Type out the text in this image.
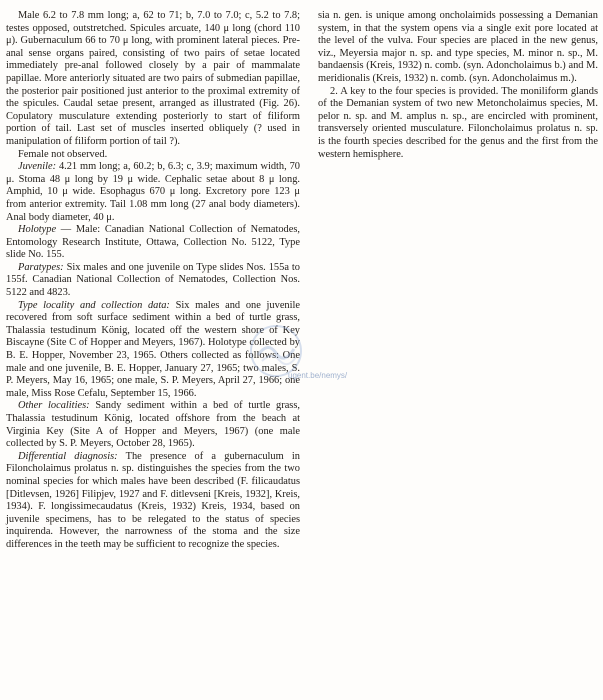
Male 6.2 to 7.8 mm long; a, 62 to 71; b, 7.0 to 7.0; c, 5.2 to 7.8; testes opposed, outstretched. Spicules arcuate, 140 μ long (chord 110 μ). Gubernaculum 66 to 70 μ long, with prominent lateral pieces. Pre-anal sense organs paired, consisting of two pairs of setae located immediately pre-anal followed closely by a pair of mammalate papillae. More anteriorly situated are two pairs of submedian papillae, the posterior pair positioned just anterior to the proximal extremity of the spicules. Caudal setae present, arranged as illustrated (Fig. 26). Copulatory musculature extending posteriorly to start of filiform portion of tail. Last set of muscles inserted obliquely (? used in manipulation of filiform portion of tail ?).

Female not observed.

Juvenile: 4.21 mm long; a, 60.2; b, 6.3; c, 3.9; maximum width, 70 μ. Stoma 48 μ long by 19 μ wide. Cephalic setae about 8 μ long. Amphid, 10 μ wide. Esophagus 670 μ long. Excretory pore 123 μ from anterior extremity. Tail 1.08 mm long (27 anal body diameters). Anal body diameter, 40 μ.

Holotype — Male: Canadian National Collection of Nematodes, Entomology Research Institute, Ottawa, Collection No. 5122, Type slide No. 155.

Paratypes: Six males and one juvenile on Type slides Nos. 155a to 155f. Canadian National Collection of Nematodes, Collection Nos. 5122 and 4823.

Type locality and collection data: Six males and one juvenile recovered from soft surface sediment within a bed of turtle grass, Thalassia testudinum König, located off the western shore of Key Biscayne (Site C of Hopper and Meyers, 1967). Holotype collected by B. E. Hopper, November 23, 1965. Others collected as follows: One male and one juvenile, B. E. Hopper, January 27, 1965; two males, S. P. Meyers, May 16, 1965; one male, S. P. Meyers, April 27, 1966; one male, Miss Rose Cefalu, September 15, 1966.

Other localities: Sandy sediment within a bed of turtle grass, Thalassia testudinum König, located offshore from the beach at Virginia Key (Site A of Hopper and Meyers, 1967) (one male collected by S. P. Meyers, October 28, 1965).

Differential diagnosis: The presence of a gubernaculum in Filoncholaimus prolatus n. sp. distinguishes the species from the two nominal species for which males have been described (F. filicaudatus [Ditlevsen, 1926] Filipjev, 1927 and F. ditlevseni [Kreis, 1932], Kreis, 1934). F. longissimecaudatus (Kreis, 1932) Kreis, 1934, based on juvenile specimens, has to be relegated to the status of species inquirenda. However, the narrowness of the stoma and the size differences in the teeth may be sufficient to recognize the species.

sia n. gen. is unique among oncholaimids possessing a Demanian system, in that the system opens via a single exit pore located at the level of the vulva. Four species are placed in the new genus, viz., Meyersia major n. sp. and type species, M. minor n. sp., M. bandaensis (Kreis, 1932) n. comb. (syn. Adoncholaimus b.) and M. meridionalis (Kreis, 1932) n. comb. (syn. Adoncholaimus m.).

2. A key to the four species is provided. The moniliform glands of the Demanian system of two new Metoncholaimus species, M. pelor n. sp. and M. amplus n. sp., are encircled with prominent, transversely oriented musculature. Filoncholaimus prolatus n. sp. is the fourth species described for the genus and the first from the western hemisphere.

ugent.be/nemys/
